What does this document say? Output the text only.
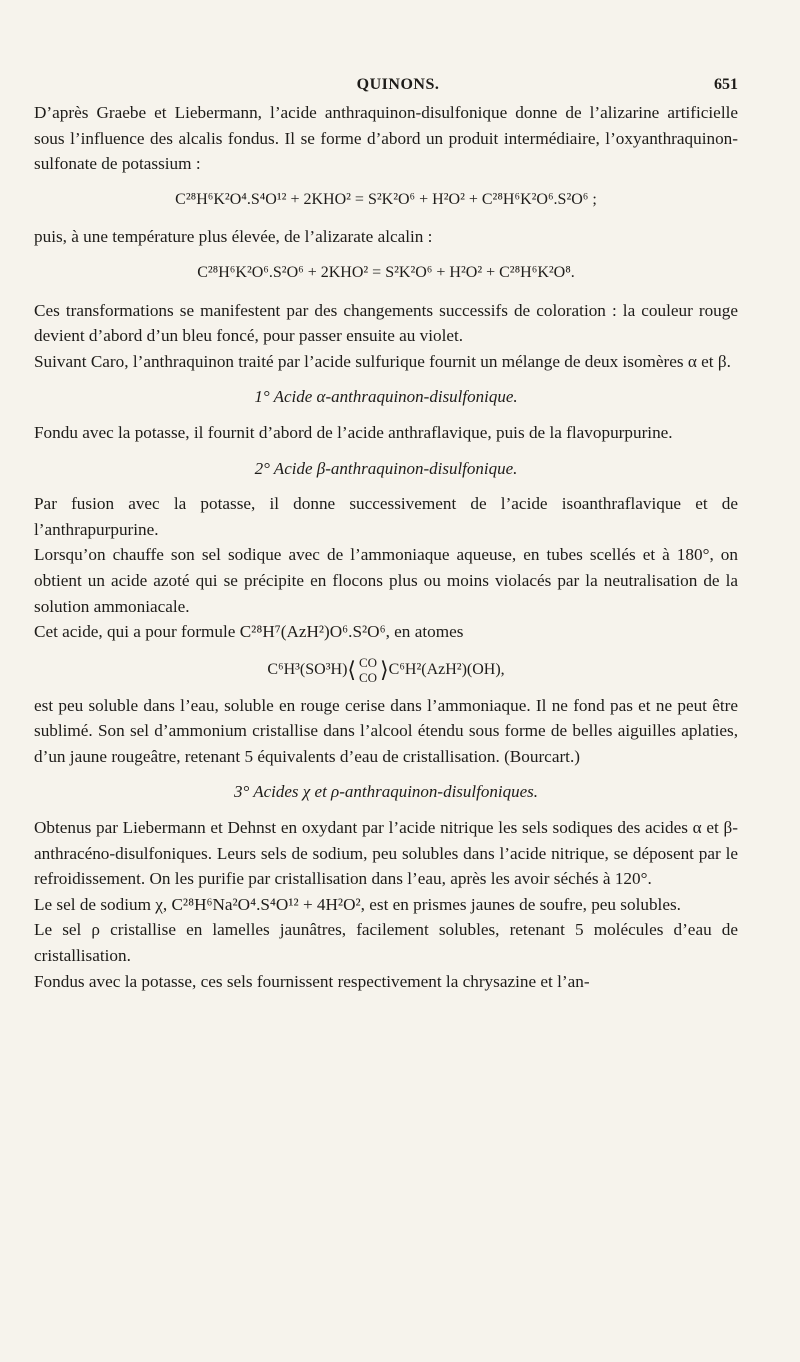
QUINONS.	651

D’après Graebe et Liebermann, l’acide anthraquinon-disulfonique donne de l’alizarine artificielle sous l’influence des alcalis fondus. Il se forme d’abord un produit intermédiaire, l’oxyanthraquinon-sulfonate de potassium :

C²⁸H⁶K²O⁴.S⁴O¹² + 2KHO² = S²K²O⁶ + H²O² + C²⁸H⁶K²O⁶.S²O⁶ ;

puis, à une température plus élevée, de l’alizarate alcalin :

C²⁸H⁶K²O⁶.S²O⁶ + 2KHO² = S²K²O⁶ + H²O² + C²⁸H⁶K²O⁸.

Ces transformations se manifestent par des changements successifs de coloration : la couleur rouge devient d’abord d’un bleu foncé, pour passer ensuite au violet.

Suivant Caro, l’anthraquinon traité par l’acide sulfurique fournit un mélange de deux isomères α et β.

1° Acide α-anthraquinon-disulfonique.

Fondu avec la potasse, il fournit d’abord de l’acide anthraflavique, puis de la flavopurpurine.

2° Acide β-anthraquinon-disulfonique.

Par fusion avec la potasse, il donne successivement de l’acide isoanthraflavique et de l’anthrapurpurine.

Lorsqu’on chauffe son sel sodique avec de l’ammoniaque aqueuse, en tubes scellés et à 180°, on obtient un acide azoté qui se précipite en flocons plus ou moins violacés par la neutralisation de la solution ammoniacale.

Cet acide, qui a pour formule C²⁸H⁷(AzH²)O⁶.S²O⁶, en atomes

C⁶H³(SO³H) ⟨ CO
CO ⟩ C⁶H²(AzH²)(OH),

est peu soluble dans l’eau, soluble en rouge cerise dans l’ammoniaque. Il ne fond pas et ne peut être sublimé. Son sel d’ammonium cristallise dans l’alcool étendu sous forme de belles aiguilles aplaties, d’un jaune rougeâtre, retenant 5 équivalents d’eau de cristallisation. (Bourcart.)

3° Acides χ et ρ-anthraquinon-disulfoniques.

Obtenus par Liebermann et Dehnst en oxydant par l’acide nitrique les sels sodiques des acides α et β-anthracéno-disulfoniques. Leurs sels de sodium, peu solubles dans l’acide nitrique, se déposent par le refroidissement. On les purifie par cristallisation dans l’eau, après les avoir séchés à 120°.

Le sel de sodium χ, C²⁸H⁶Na²O⁴.S⁴O¹² + 4H²O², est en prismes jaunes de soufre, peu solubles.

Le sel ρ cristallise en lamelles jaunâtres, facilement solubles, retenant 5 molécules d’eau de cristallisation.

Fondus avec la potasse, ces sels fournissent respectivement la chrysazine et l’an-
